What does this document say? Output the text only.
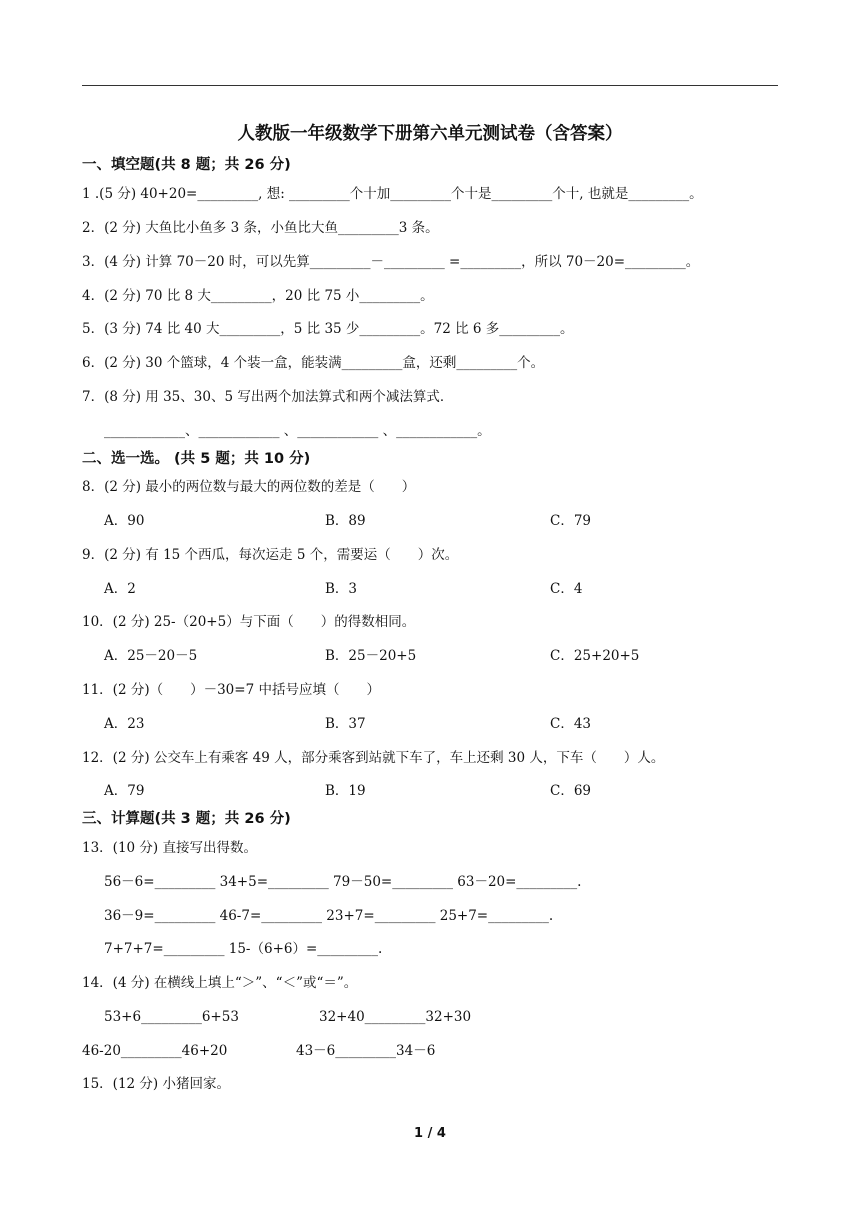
人教版一年级数学下册第六单元测试卷（含答案）
一、填空题(共 8 题；共 26 分)
1 .(5 分) 40+20=_________, 想: _________个十加_________个十是_________个十, 也就是_________。
2．(2 分) 大鱼比小鱼多 3 条，小鱼比大鱼_________3 条。
3．(4 分) 计算 70－20 时，可以先算_________－_________ =_________，所以 70－20=_________。
4．(2 分) 70 比 8 大_________，20 比 75 小_________。
5．(3 分) 74 比 40 大_________，5 比 35 少_________。72 比 6 多_________。
6．(2 分) 30 个篮球，4 个装一盒，能装满_________盒，还剩_________个。
7．(8 分) 用 35、30、5 写出两个加法算式和两个减法算式．
____________、____________ 、____________ 、____________。
二、选一选。 (共 5 题；共 10 分)
8．(2 分) 最小的两位数与最大的两位数的差是（　　）
A．90	B．89	C．79
9．(2 分) 有 15 个西瓜，每次运走 5 个，需要运（　　）次。
A．2	B．3	C．4
10．(2 分) 25-（20+5）与下面（　　）的得数相同。
A．25－20－5	B．25－20+5	C．25+20+5
11．(2 分)（　　）－30=7 中括号应填（　　）
A．23	B．37	C．43
12．(2 分) 公交车上有乘客 49 人，部分乘客到站就下车了，车上还剩 30 人，下车（　　）人。
A．79	B．19	C．69
三、计算题(共 3 题；共 26 分)
13．(10 分) 直接写出得数。
56－6=_________ 34+5=_________ 79－50=_________ 63－20=_________.
36－9=_________ 46-7=_________ 23+7=_________ 25+7=_________.
7+7+7=_________ 15-（6+6）=_________.
14．(4 分) 在横线上填上“＞”、“＜”或“＝”。
53+6_________6+53	32+40_________32+30
46-20_________46+20	43－6_________34－6
15．(12 分) 小猪回家。
1 / 4
